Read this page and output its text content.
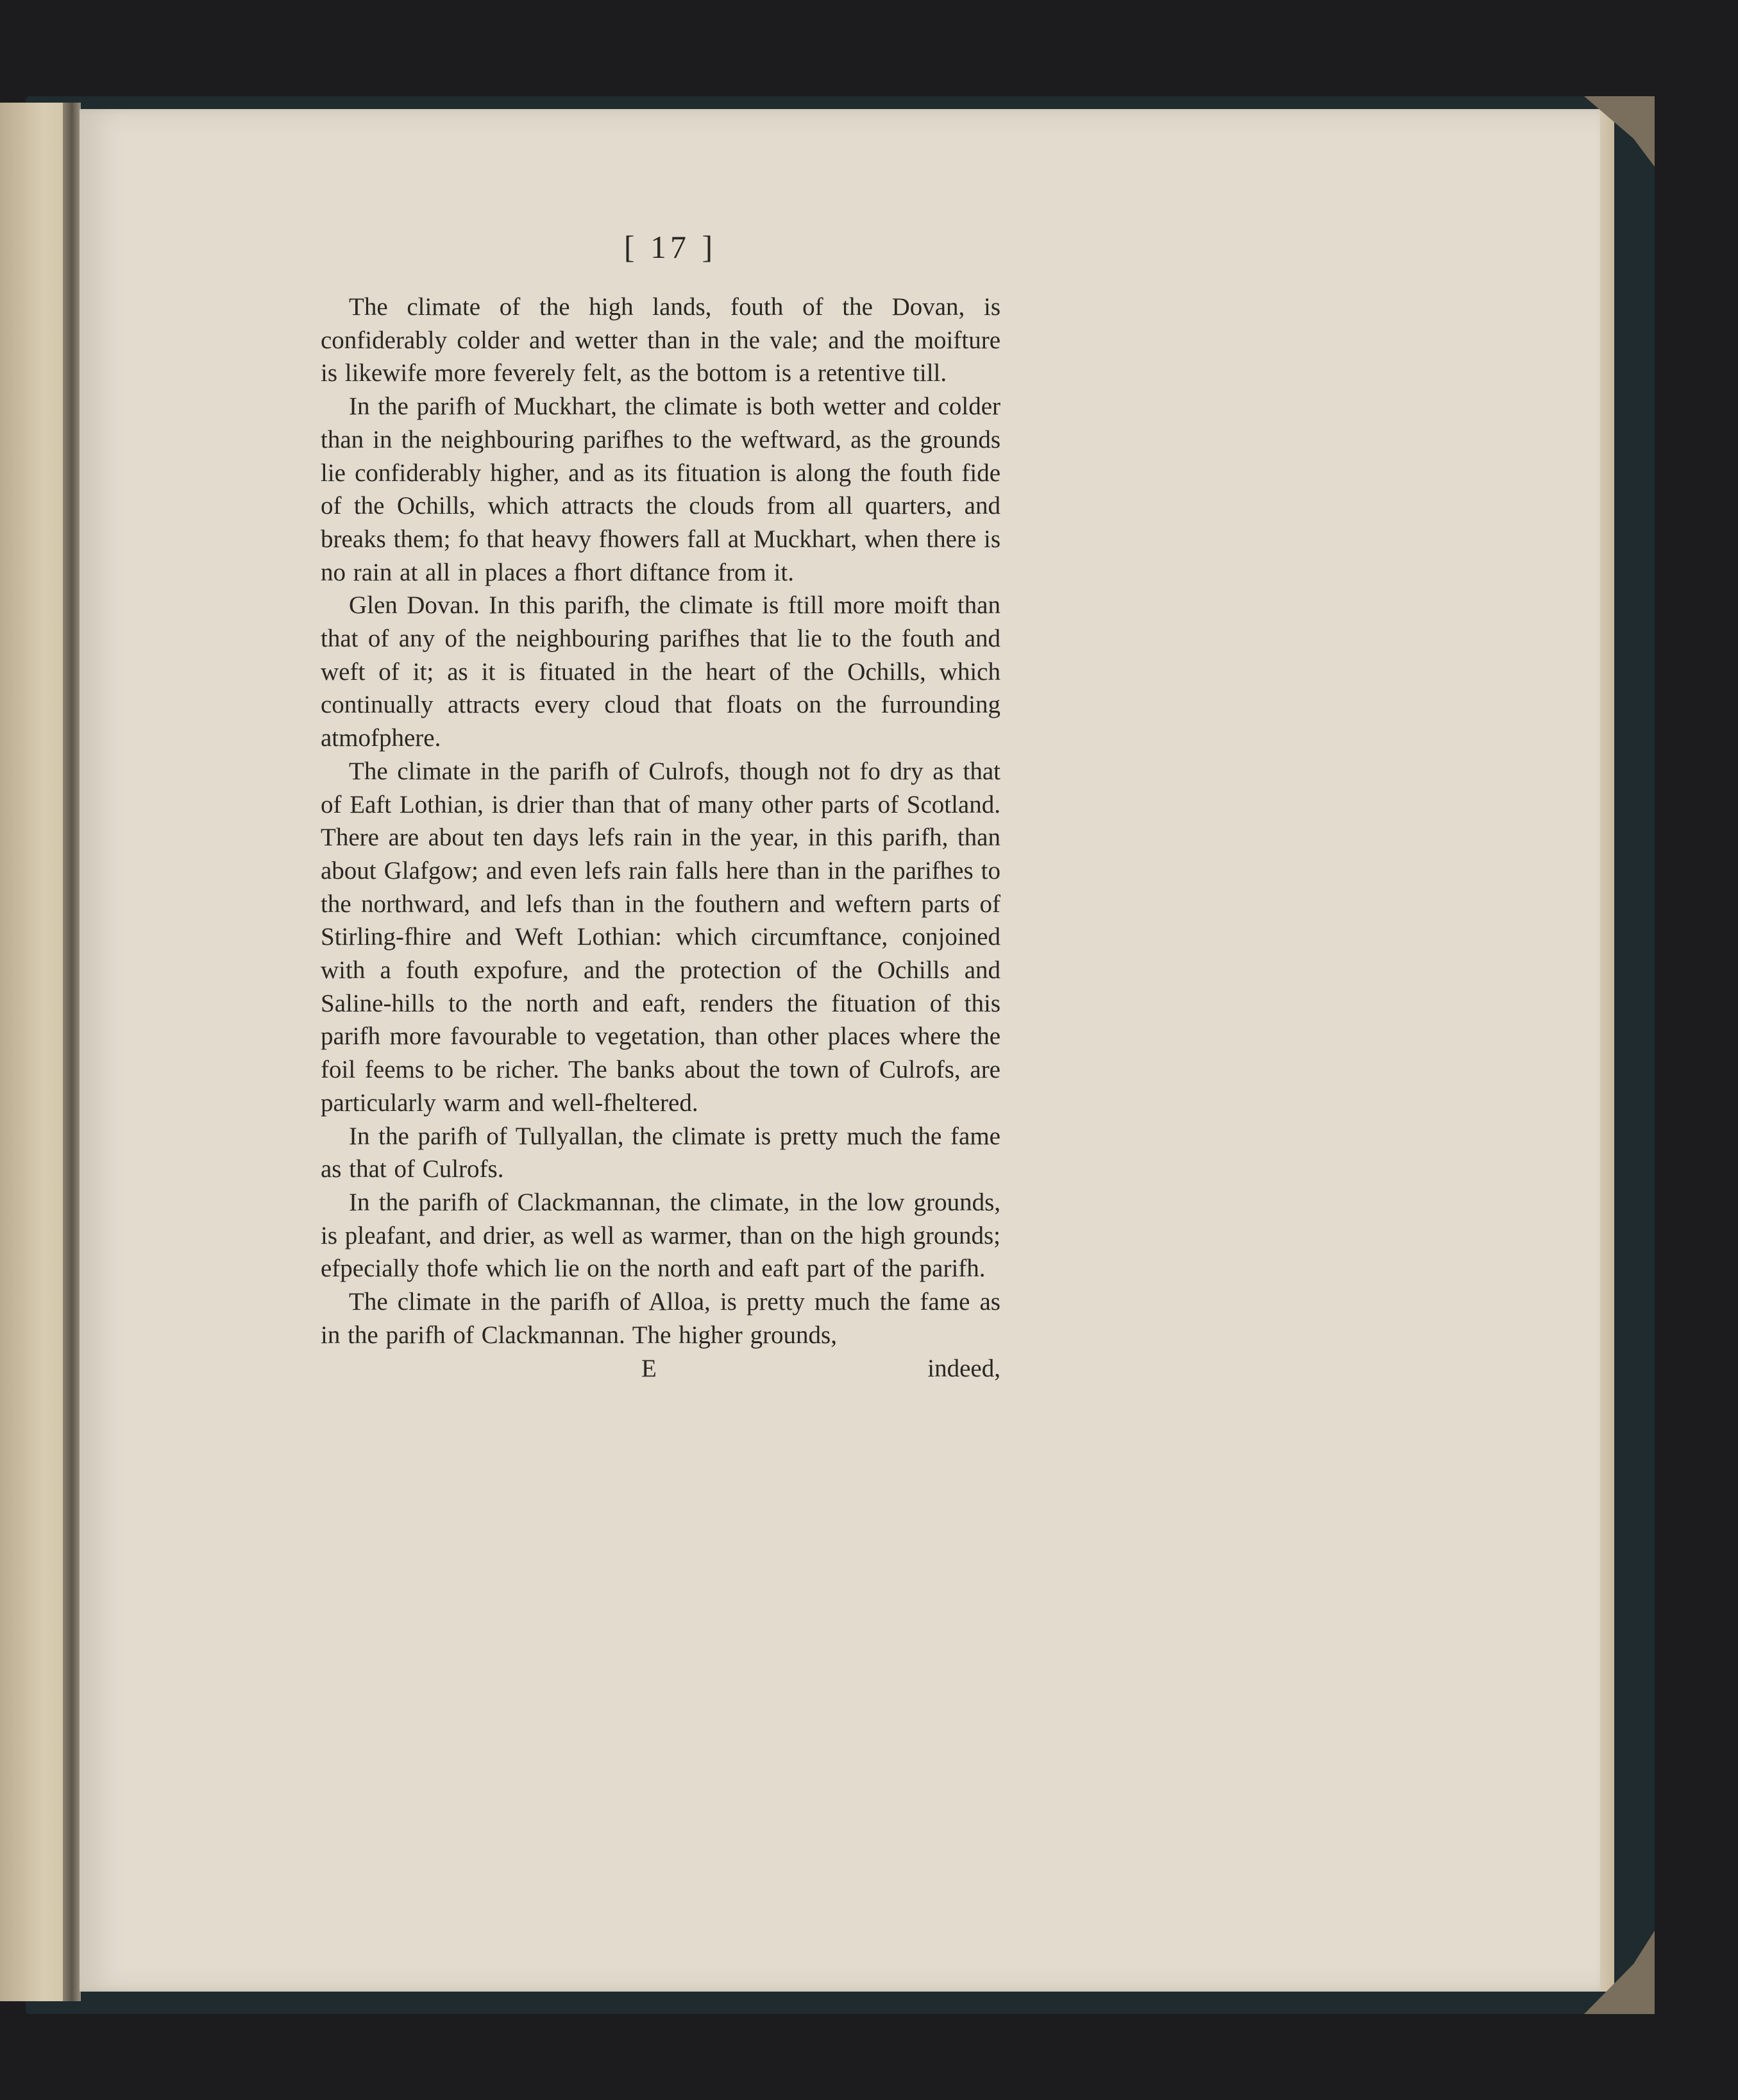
[ 17 ]

The climate of the high lands, fouth of the Dovan, is confiderably colder and wetter than in the vale; and the moifture is likewife more feverely felt, as the bottom is a retentive till.

In the parifh of Muckhart, the climate is both wetter and colder than in the neighbouring parifhes to the weftward, as the grounds lie confiderably higher, and as its fituation is along the fouth fide of the Ochills, which attracts the clouds from all quarters, and breaks them; fo that heavy fhowers fall at Muckhart, when there is no rain at all in places a fhort diftance from it.

Glen Dovan. In this parifh, the climate is ftill more moift than that of any of the neighbouring parifhes that lie to the fouth and weft of it; as it is fituated in the heart of the Ochills, which continually attracts every cloud that floats on the furrounding atmofphere.

The climate in the parifh of Culrofs, though not fo dry as that of Eaft Lothian, is drier than that of many other parts of Scotland. There are about ten days lefs rain in the year, in this parifh, than about Glafgow; and even lefs rain falls here than in the parifhes to the northward, and lefs than in the fouthern and weftern parts of Stirling-fhire and Weft Lothian: which circumftance, conjoined with a fouth expofure, and the protection of the Ochills and Saline-hills to the north and eaft, renders the fituation of this parifh more favourable to vegetation, than other places where the foil feems to be richer. The banks about the town of Culrofs, are particularly warm and well-fheltered.

In the parifh of Tullyallan, the climate is pretty much the fame as that of Culrofs.

In the parifh of Clackmannan, the climate, in the low grounds, is pleafant, and drier, as well as warmer, than on the high grounds; efpecially thofe which lie on the north and eaft part of the parifh.

The climate in the parifh of Alloa, is pretty much the fame as in the parifh of Clackmannan. The higher grounds,

E	indeed,
